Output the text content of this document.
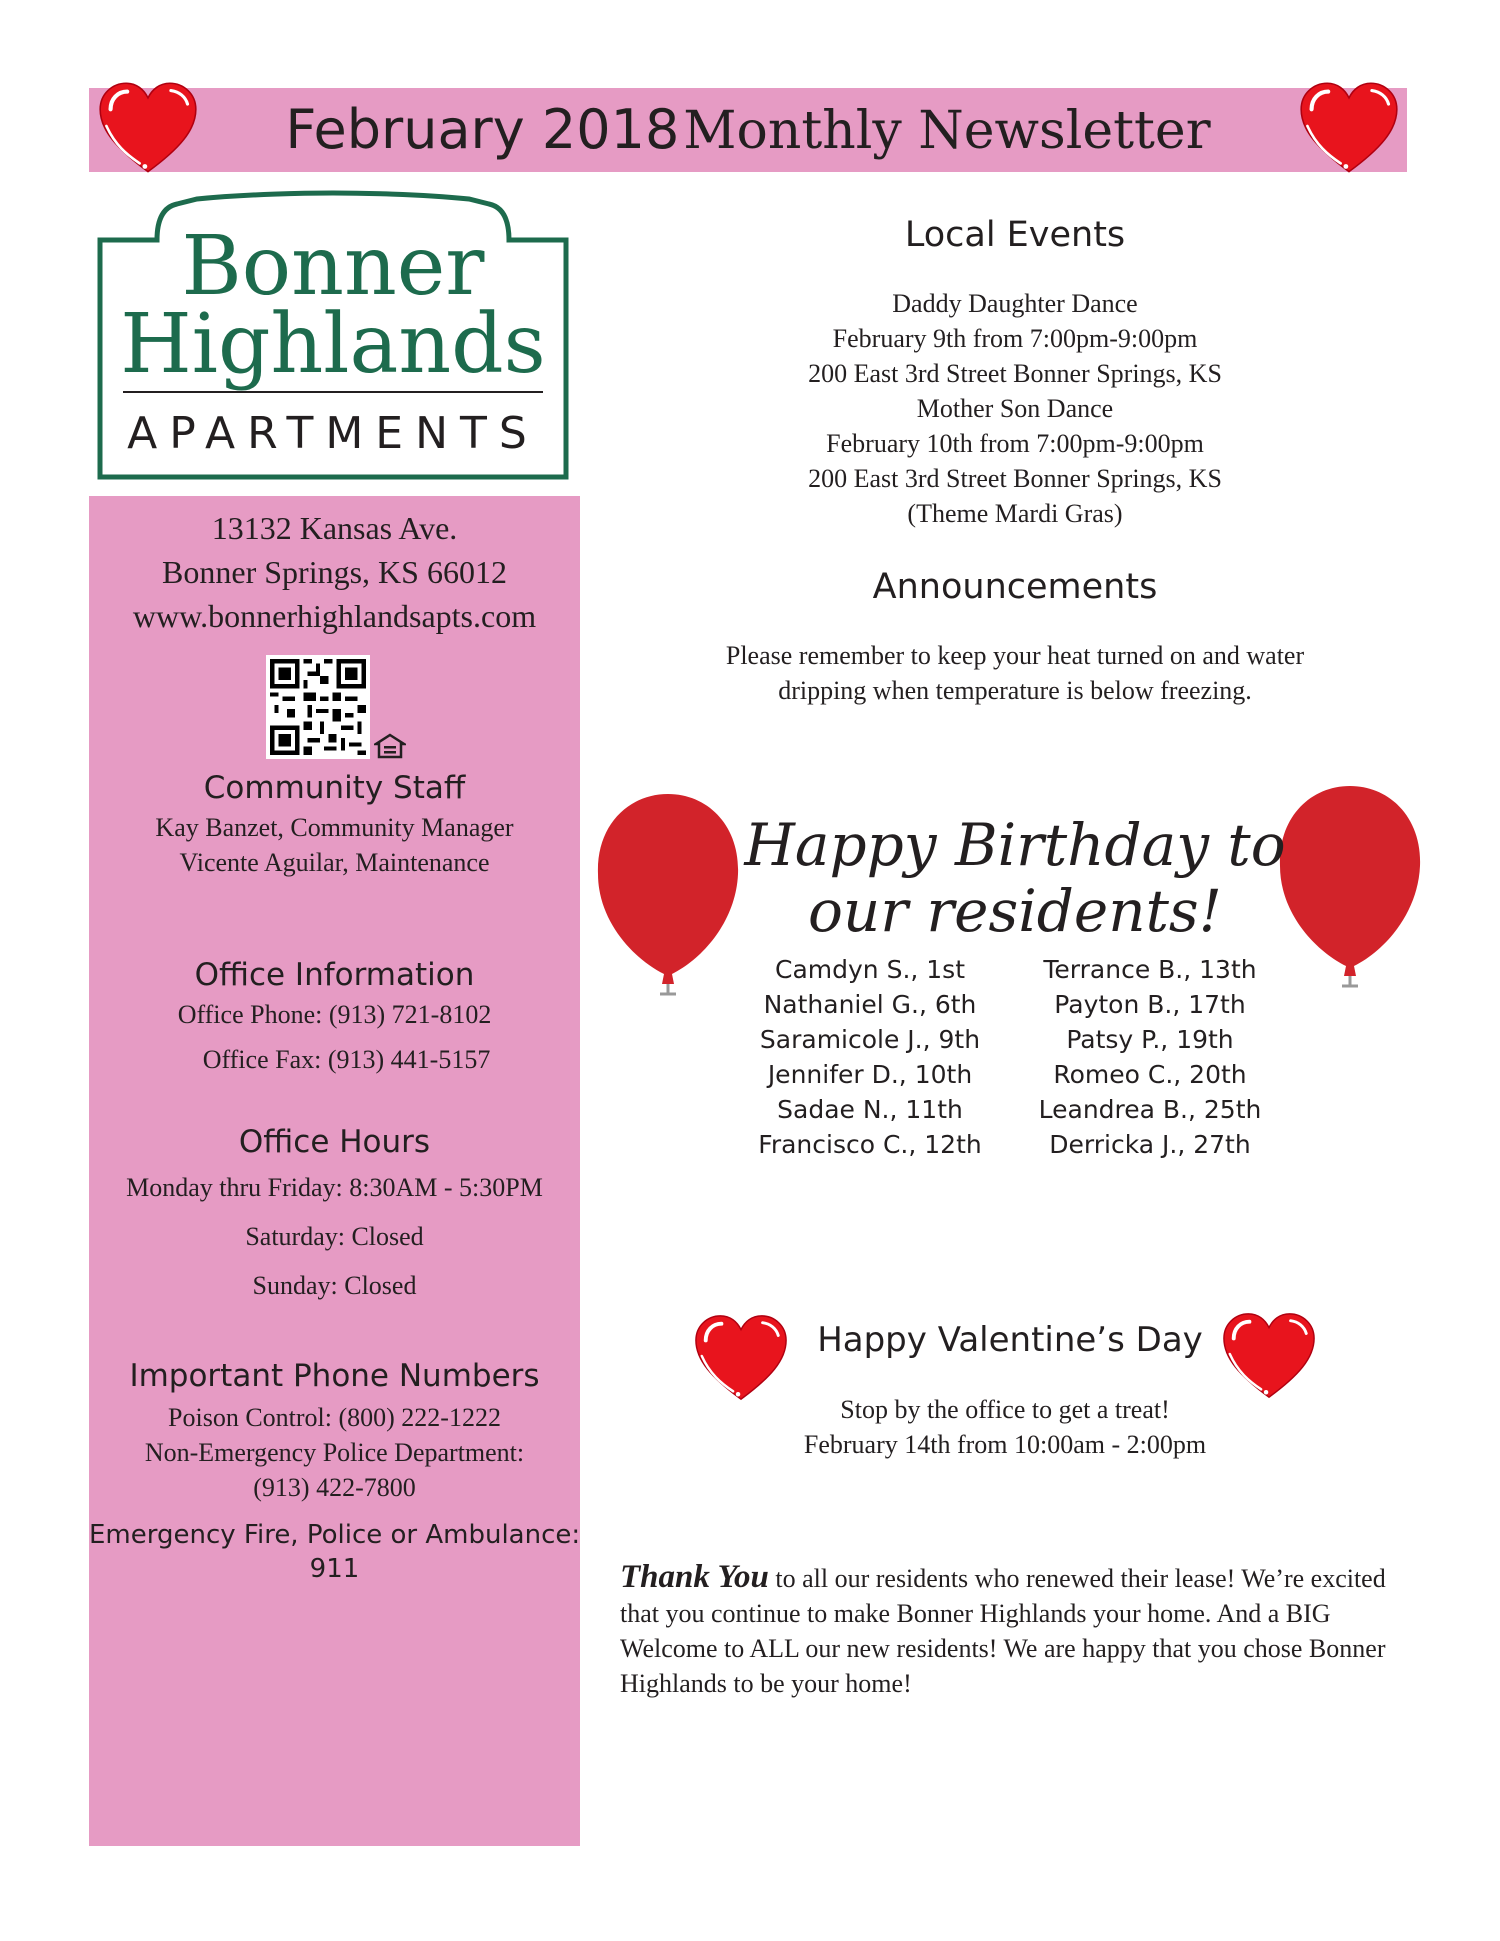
February 2018 Monthly Newsletter
Bonner
Highlands
APARTMENTS
13132 Kansas Ave.
Bonner Springs, KS 66012
www.bonnerhighlandsapts.com
Community Staff
Kay Banzet, Community Manager
Vicente Aguilar, Maintenance
Office Information
Office Phone: (913) 721-8102
Office Fax: (913) 441-5157
Office Hours
Monday thru Friday: 8:30AM - 5:30PM
Saturday: Closed
Sunday: Closed
Important Phone Numbers
Poison Control: (800) 222-1222
Non-Emergency Police Department:
(913) 422-7800
Emergency Fire, Police or Ambulance:
911
Local Events
Daddy Daughter Dance
February 9th from 7:00pm-9:00pm
200 East 3rd Street Bonner Springs, KS
Mother Son Dance
February 10th from 7:00pm-9:00pm
200 East 3rd Street Bonner Springs, KS
(Theme Mardi Gras)
Announcements
Please remember to keep your heat turned on and water
dripping when temperature is below freezing.
Happy Birthday to
our residents!
Camdyn S., 1st
Nathaniel G., 6th
Saramicole J., 9th
Jennifer D., 10th
Sadae N., 11th
Francisco C., 12th
Terrance B., 13th
Payton B., 17th
Patsy P., 19th
Romeo C., 20th
Leandrea B., 25th
Derricka J., 27th
Happy Valentine’s Day
Stop by the office to get a treat!
February 14th from 10:00am - 2:00pm
Thank You to all our residents who renewed their lease! We’re excited that you continue to make Bonner Highlands your home. And a BIG Welcome to ALL our new residents! We are happy that you chose Bonner Highlands to be your home!
